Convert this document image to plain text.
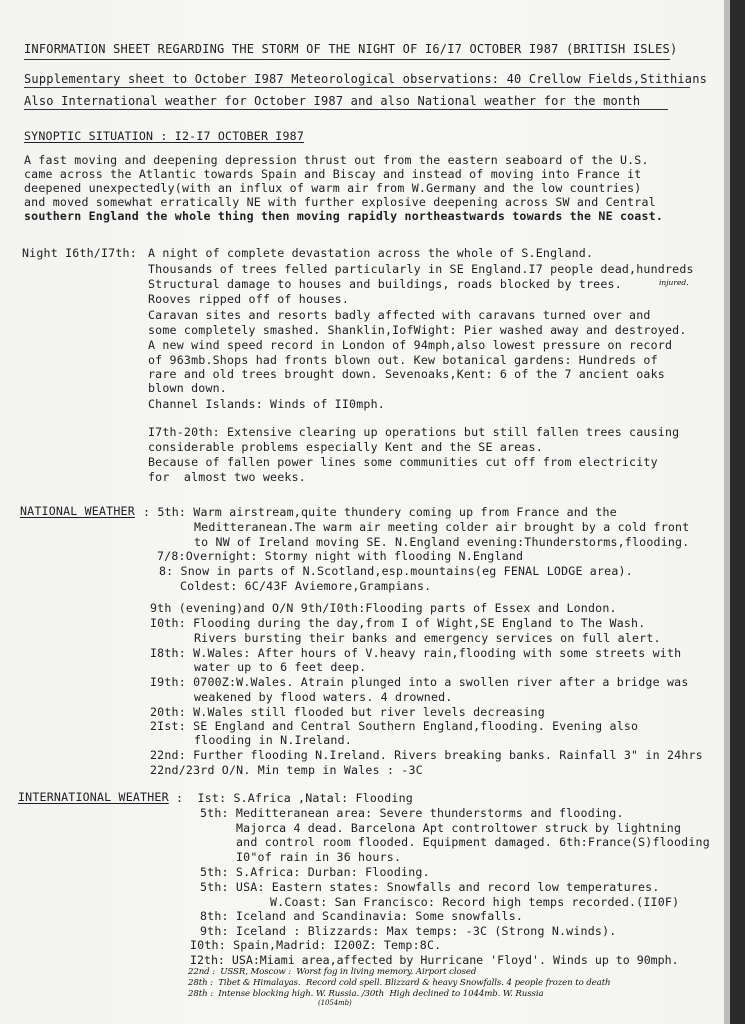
INFORMATION SHEET REGARDING THE STORM OF THE NIGHT OF I6/I7 OCTOBER I987 (BRITISH ISLES)
Supplementary sheet to October I987 Meteorological observations: 40 Crellow Fields,Stithians
Also International weather for October I987 and also National weather for the month
SYNOPTIC SITUATION : I2-I7 OCTOBER I987
A fast moving and deepening depression thrust out from the eastern seaboard of the U.S.
came across the Atlantic towards Spain and Biscay and instead of moving into France it
deepened unexpectedly(with an influx of warm air from W.Germany and the low countries)
and moved somewhat erratically NE with further explosive deepening across SW and Central
southern England the whole thing then moving rapidly northeastwards towards the NE coast.
Night I6th/I7th: A night of complete devastation across the whole of S.England.
Thousands of trees felled particularly in SE England.I7 people dead,hundreds
Structural damage to houses and buildings, roads blocked by trees.	injured.
Rooves ripped off of houses.
Caravan sites and resorts badly affected with caravans turned over and
some completely smashed. Shanklin,IofWight: Pier washed away and destroyed.
A new wind speed record in London of 94mph,also lowest pressure on record
of 963mb.Shops had fronts blown out. Kew botanical gardens: Hundreds of
rare and old trees brought down. Sevenoaks,Kent: 6 of the 7 ancient oaks
blown down.
Channel Islands: Winds of II0mph.
I7th-20th: Extensive clearing up operations but still fallen trees causing
considerable problems especially Kent and the SE areas.
Because of fallen power lines some communities cut off from electricity
for  almost two weeks.
NATIONAL WEATHER : 5th: Warm airstream,quite thundery coming up from France and the
Meditteranean.The warm air meeting colder air brought by a cold front
to NW of Ireland moving SE. N.England evening:Thunderstorms,flooding.
7/8:Overnight: Stormy night with flooding N.England
8: Snow in parts of N.Scotland,esp.mountains(eg FENAL LODGE area).
Coldest: 6C/43F Aviemore,Grampians.
9th (evening)and O/N 9th/I0th:Flooding parts of Essex and London.
I0th: Flooding during the day,from I of Wight,SE England to The Wash.
Rivers bursting their banks and emergency services on full alert.
I8th: W.Wales: After hours of V.heavy rain,flooding with some streets with
water up to 6 feet deep.
I9th: 0700Z:W.Wales. Atrain plunged into a swollen river after a bridge was
weakened by flood waters. 4 drowned.
20th: W.Wales still flooded but river levels decreasing
2Ist: SE England and Central Southern England,flooding. Evening also
flooding in N.Ireland.
22nd: Further flooding N.Ireland. Rivers breaking banks. Rainfall 3" in 24hrs
22nd/23rd O/N. Min temp in Wales : -3C
INTERNATIONAL WEATHER :  Ist: S.Africa ,Natal: Flooding
5th: Meditteranean area: Severe thunderstorms and flooding.
Majorca 4 dead. Barcelona Apt controltower struck by lightning
and control room flooded. Equipment damaged. 6th:France(S)flooding
I0"of rain in 36 hours.
5th: S.Africa: Durban: Flooding.
5th: USA: Eastern states: Snowfalls and record low temperatures.
W.Coast: San Francisco: Record high temps recorded.(II0F)
8th: Iceland and Scandinavia: Some snowfalls.
9th: Iceland : Blizzards: Max temps: -3C (Strong N.winds).
I0th: Spain,Madrid: I200Z: Temp:8C.
I2th: USA:Miami area,affected by Hurricane 'Floyd'. Winds up to 90mph.
22nd :  USSR, Moscow :  Worst fog in living memory. Airport closed
28th :  Tibet & Himalayas.  Record cold spell. Blizzard & heavy Snowfalls. 4 people frozen to death
28th :  Intense blocking high. W. Russia. /30th  High declined to 1044mb. W. Russia
(1054mb)
